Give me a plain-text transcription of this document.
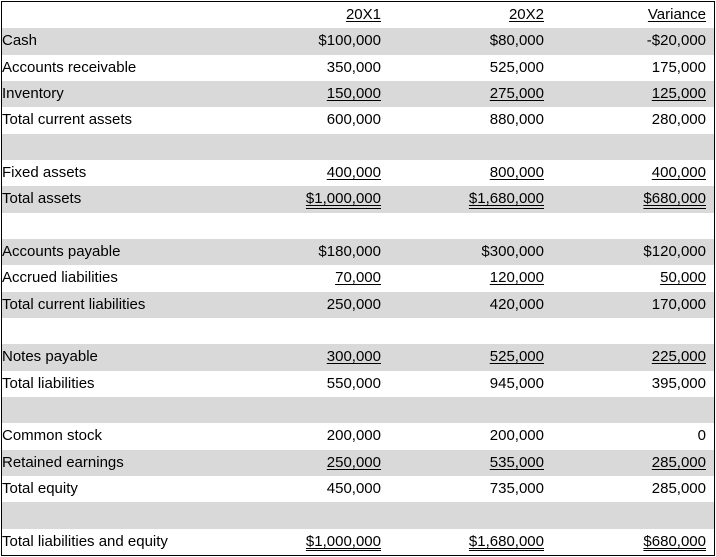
	20X1	20X2	Variance	
Cash	$100,000	$80,000	-$20,000	
Accounts receivable	350,000	525,000	175,000	
Inventory	150,000	275,000	125,000	
Total current assets	600,000	880,000	280,000	

Fixed assets	400,000	800,000	400,000	
Total assets	$1,000,000	$1,680,000	$680,000	

Accounts payable	$180,000	$300,000	$120,000	
Accrued liabilities	70,000	120,000	50,000	
Total current liabilities	250,000	420,000	170,000	

Notes payable	300,000	525,000	225,000	
Total liabilities	550,000	945,000	395,000	

Common stock	200,000	200,000	0	
Retained earnings	250,000	535,000	285,000	
Total equity	450,000	735,000	285,000	

Total liabilities and equity	$1,000,000	$1,680,000	$680,000	
